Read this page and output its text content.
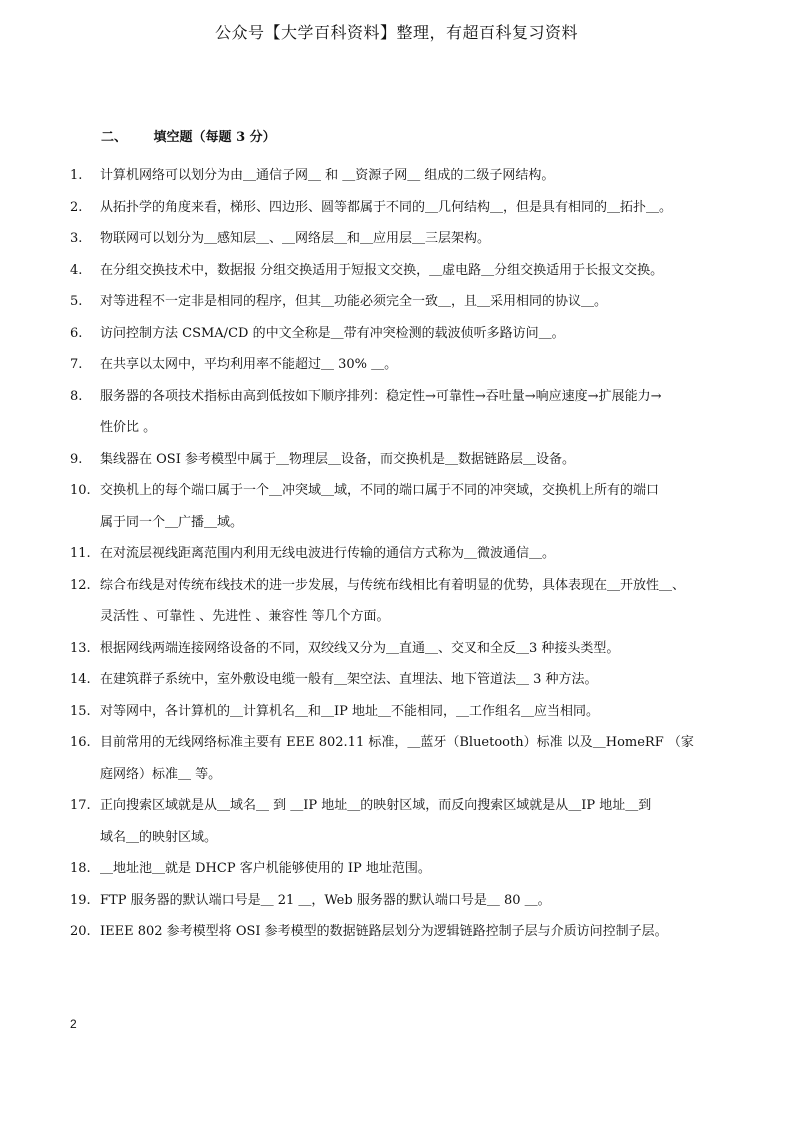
公众号【大学百科资料】整理，有超百科复习资料
二、 填空题（每题 3 分）
1.	计算机网络可以划分为由＿通信子网＿ 和 ＿资源子网＿ 组成的二级子网结构。
2.	从拓扑学的角度来看，梯形、四边形、圆等都属于不同的＿几何结构＿，但是具有相同的＿拓扑＿。
3.	物联网可以划分为＿感知层＿、＿网络层＿和＿应用层＿三层架构。
4.	在分组交换技术中，数据报 分组交换适用于短报文交换，＿虚电路＿分组交换适用于长报文交换。
5.	对等进程不一定非是相同的程序，但其＿功能必须完全一致＿，且＿采用相同的协议＿。
6.	访问控制方法 CSMA/CD 的中文全称是＿带有冲突检测的载波侦听多路访问＿。
7.	在共享以太网中，平均利用率不能超过＿ 30% ＿。
8.	服务器的各项技术指标由高到低按如下顺序排列：稳定性→可靠性→吞吐量→响应速度→扩展能力→
性价比 。
9.	集线器在 OSI 参考模型中属于＿物理层＿设备，而交换机是＿数据链路层＿设备。
10. 交换机上的每个端口属于一个＿冲突域＿域，不同的端口属于不同的冲突域，交换机上所有的端口
属于同一个＿广播＿域。
11. 在对流层视线距离范围内利用无线电波进行传输的通信方式称为＿微波通信＿。
12. 综合布线是对传统布线技术的进一步发展，与传统布线相比有着明显的优势，具体表现在＿开放性＿、
灵活性 、可靠性 、先进性 、兼容性 等几个方面。
13. 根据网线两端连接网络设备的不同，双绞线又分为＿直通＿、交叉和全反＿3 种接头类型。
14. 在建筑群子系统中，室外敷设电缆一般有＿架空法、直埋法、地下管道法＿ 3 种方法。
15. 对等网中，各计算机的＿计算机名＿和＿IP 地址＿不能相同，＿工作组名＿应当相同。
16. 目前常用的无线网络标准主要有 EEE 802.11 标准，＿蓝牙（Bluetooth）标准 以及＿HomeRF （家
庭网络）标准＿ 等。
17. 正向搜索区域就是从＿域名＿ 到 ＿IP 地址＿的映射区域，而反向搜索区域就是从＿IP 地址＿到
域名＿的映射区域。
18. ＿地址池＿就是 DHCP 客户机能够使用的 IP 地址范围。
19. FTP 服务器的默认端口号是＿ 21 ＿，Web 服务器的默认端口号是＿ 80 ＿。
20. IEEE 802 参考模型将 OSI 参考模型的数据链路层划分为逻辑链路控制子层与介质访问控制子层。
2
